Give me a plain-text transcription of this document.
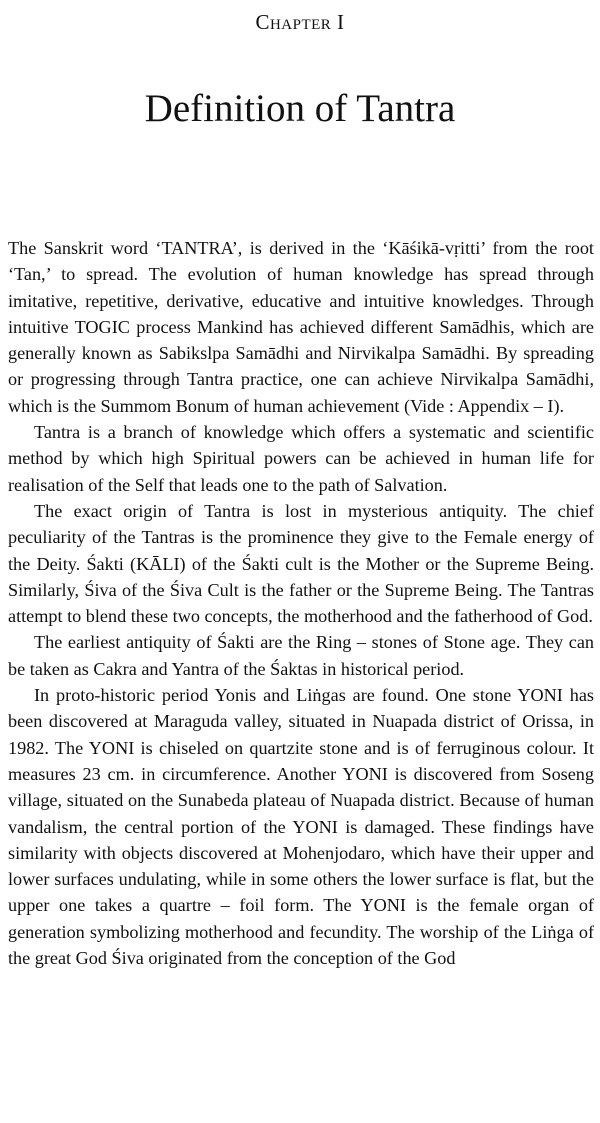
Chapter I
Definition of Tantra

The Sanskrit word ‘TANTRA’, is derived in the ‘Kāśikā-vṛitti’ from the root ‘Tan,’ to spread. The evolution of human knowledge has spread through imitative, repetitive, derivative, educative and intuitive knowledges. Through intuitive TOGIC process Mankind has achieved different Samādhis, which are generally known as Sabikslpa Samādhi and Nirvikalpa Samādhi. By spreading or progressing through Tantra practice, one can achieve Nirvikalpa Samādhi, which is the Summom Bonum of human achievement (Vide : Appendix – I).

Tantra is a branch of knowledge which offers a systematic and scientific method by which high Spiritual powers can be achieved in human life for realisation of the Self that leads one to the path of Salvation.

The exact origin of Tantra is lost in mysterious antiquity. The chief peculiarity of the Tantras is the prominence they give to the Female energy of the Deity. Śakti (KĀLI) of the Śakti cult is the Mother or the Supreme Being. Similarly, Śiva of the Śiva Cult is the father or the Supreme Being. The Tantras attempt to blend these two concepts, the motherhood and the fatherhood of God.

The earliest antiquity of Śakti are the Ring – stones of Stone age. They can be taken as Cakra and Yantra of the Śaktas in historical period.

In proto-historic period Yonis and Liṅgas are found. One stone YONI has been discovered at Maraguda valley, situated in Nuapada district of Orissa, in 1982. The YONI is chiseled on quartzite stone and is of ferruginous colour. It measures 23 cm. in circumference. Another YONI is discovered from Soseng village, situated on the Sunabeda plateau of Nuapada district. Because of human vandalism, the central portion of the YONI is damaged. These findings have similarity with objects discovered at Mohenjodaro, which have their upper and lower surfaces undulating, while in some others the lower surface is flat, but the upper one takes a quartre – foil form. The YONI is the female organ of generation symbolizing motherhood and fecundity. The worship of the Liṅga of the great God Śiva originated from the conception of the God
